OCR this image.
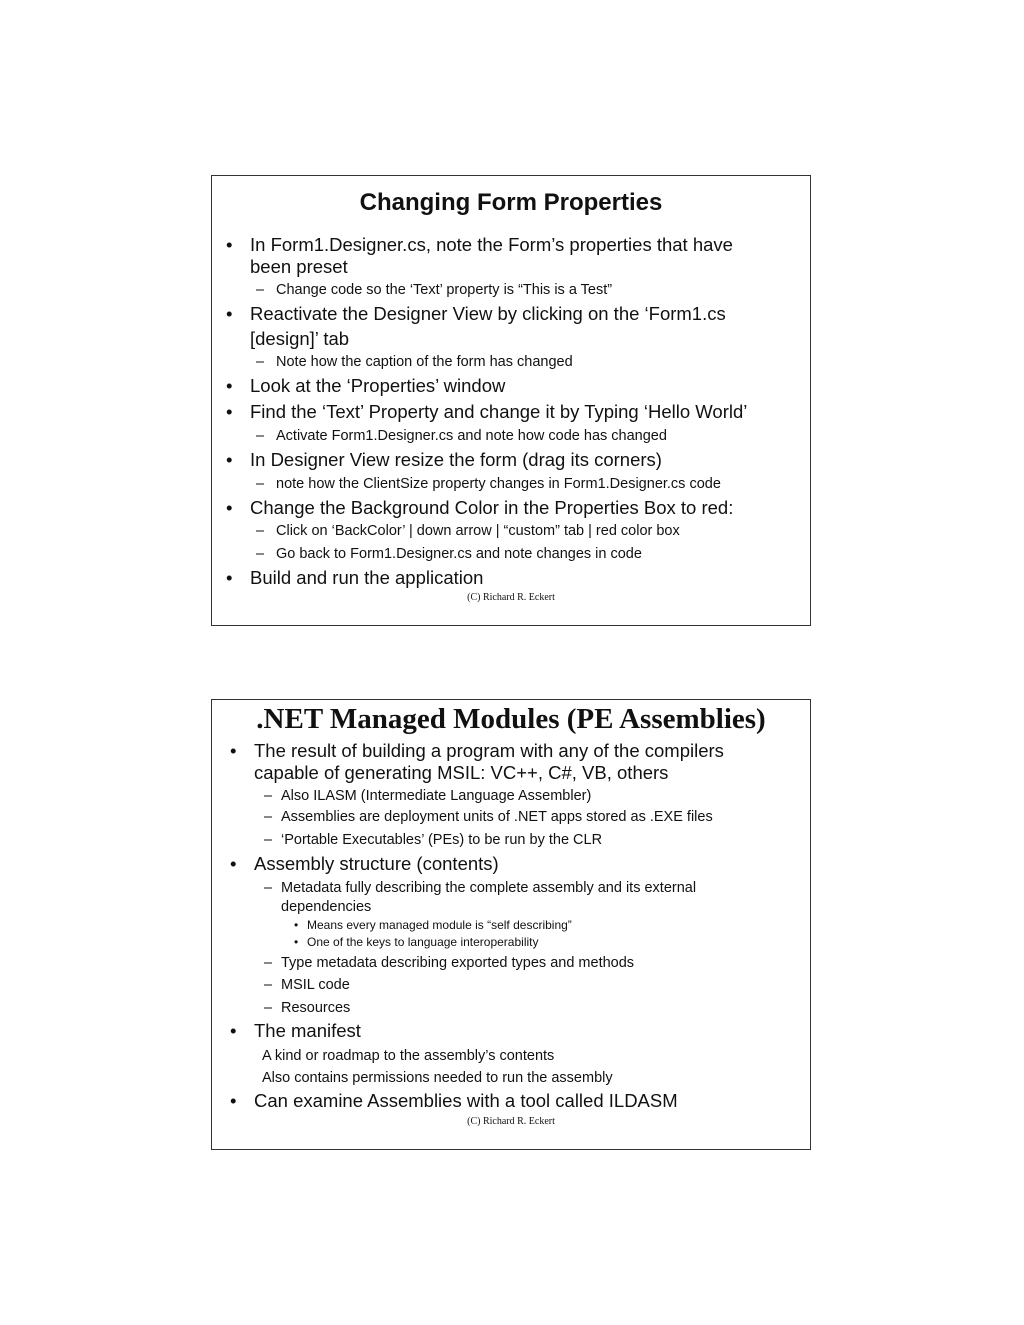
Changing Form Properties
• In Form1.Designer.cs, note the Form’s properties that have
been preset
– Change code so the ‘Text’ property is “This is a Test”
• Reactivate the Designer View by clicking on the ‘Form1.cs
[design]’ tab
– Note how the caption of the form has changed
• Look at the ‘Properties’ window
• Find the ‘Text’ Property and change it by Typing ‘Hello World’
– Activate Form1.Designer.cs and note how code has changed
• In Designer View resize the form (drag its corners)
– note how the ClientSize property changes in Form1.Designer.cs code
• Change the Background Color in the Properties Box to red:
– Click on ‘BackColor’ | down arrow | “custom” tab | red color box
– Go back to Form1.Designer.cs and note changes in code
• Build and run the application
(C) Richard R. Eckert
.NET Managed Modules (PE Assemblies)
• The result of building a program with any of the compilers
capable of generating MSIL: VC++, C#, VB, others
– Also ILASM (Intermediate Language Assembler)
– Assemblies are deployment units of .NET apps stored as .EXE files
– ‘Portable Executables’ (PEs) to be run by the CLR
• Assembly structure (contents)
– Metadata fully describing the complete assembly and its external
dependencies
• Means every managed module is “self describing”
• One of the keys to language interoperability
– Type metadata describing exported types and methods
– MSIL code
– Resources
• The manifest
A kind or roadmap to the assembly’s contents
Also contains permissions needed to run the assembly
• Can examine Assemblies with a tool called ILDASM
(C) Richard R. Eckert
